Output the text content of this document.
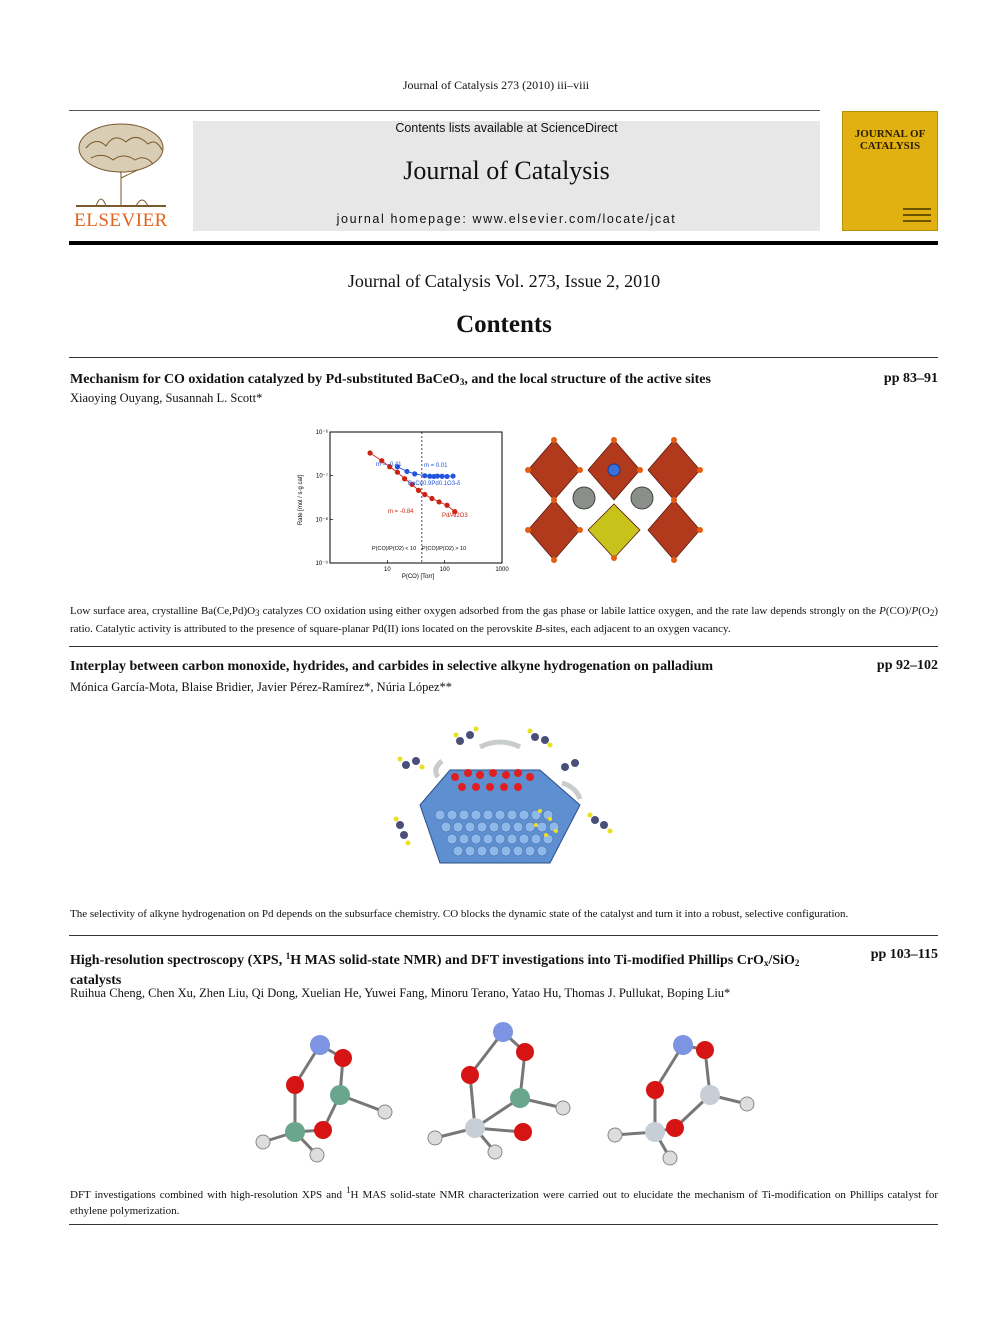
Journal of Catalysis 273 (2010) iii–viii
ELSEVIER
Contents lists available at ScienceDirect
Journal of Catalysis
journal homepage: www.elsevier.com/locate/jcat
JOURNAL OF CATALYSIS
Journal of Catalysis Vol. 273, Issue 2, 2010
Contents
Mechanism for CO oxidation catalyzed by Pd-substituted BaCeO$_3$, and the local structure of the active sites	pp 83–91
Xiaoying Ouyang, Susannah L. Scott*
10	100	1000
10⁻⁶
10⁻⁷
10⁻⁸
10⁻⁹
Rate [mol / s·g cat]
P(CO) [Torr]
m = -0.41	m = 0.01
m = -0.84
BaCe0.9Pd0.1O3-δ
Pd/Al2O3
P(CO)/P(O2) < 10 P(CO)/P(O2) > 10
Low surface area, crystalline $Ba(Ce,Pd)O_3$ catalyzes CO oxidation using either oxygen adsorbed from the gas phase or labile lattice oxygen, and the rate law depends strongly on the $P(CO)/P(O_2)$ ratio. Catalytic activity is attributed to the presence of square-planar Pd(II) ions located on the perovskite B-sites, each adjacent to an oxygen vacancy.
Interplay between carbon monoxide, hydrides, and carbides in selective alkyne hydrogenation on palladium	pp 92–102
Mónica García-Mota, Blaise Bridier, Javier Pérez-Ramírez*, Núria López**
The selectivity of alkyne hydrogenation on Pd depends on the subsurface chemistry. CO blocks the dynamic state of the catalyst and turn it into a robust, selective configuration.
High-resolution spectroscopy (XPS, $^1$H MAS solid-state NMR) and DFT investigations into Ti-modified Phillips CrO$_x$/SiO$_2$ catalysts
pp 103–115
Ruihua Cheng, Chen Xu, Zhen Liu, Qi Dong, Xuelian He, Yuwei Fang, Minoru Terano, Yatao Hu, Thomas J. Pullukat, Boping Liu*
DFT investigations combined with high-resolution XPS and $^1$H MAS solid-state NMR characterization were carried out to elucidate the mechanism of Ti-modification on Phillips catalyst for ethylene polymerization.
